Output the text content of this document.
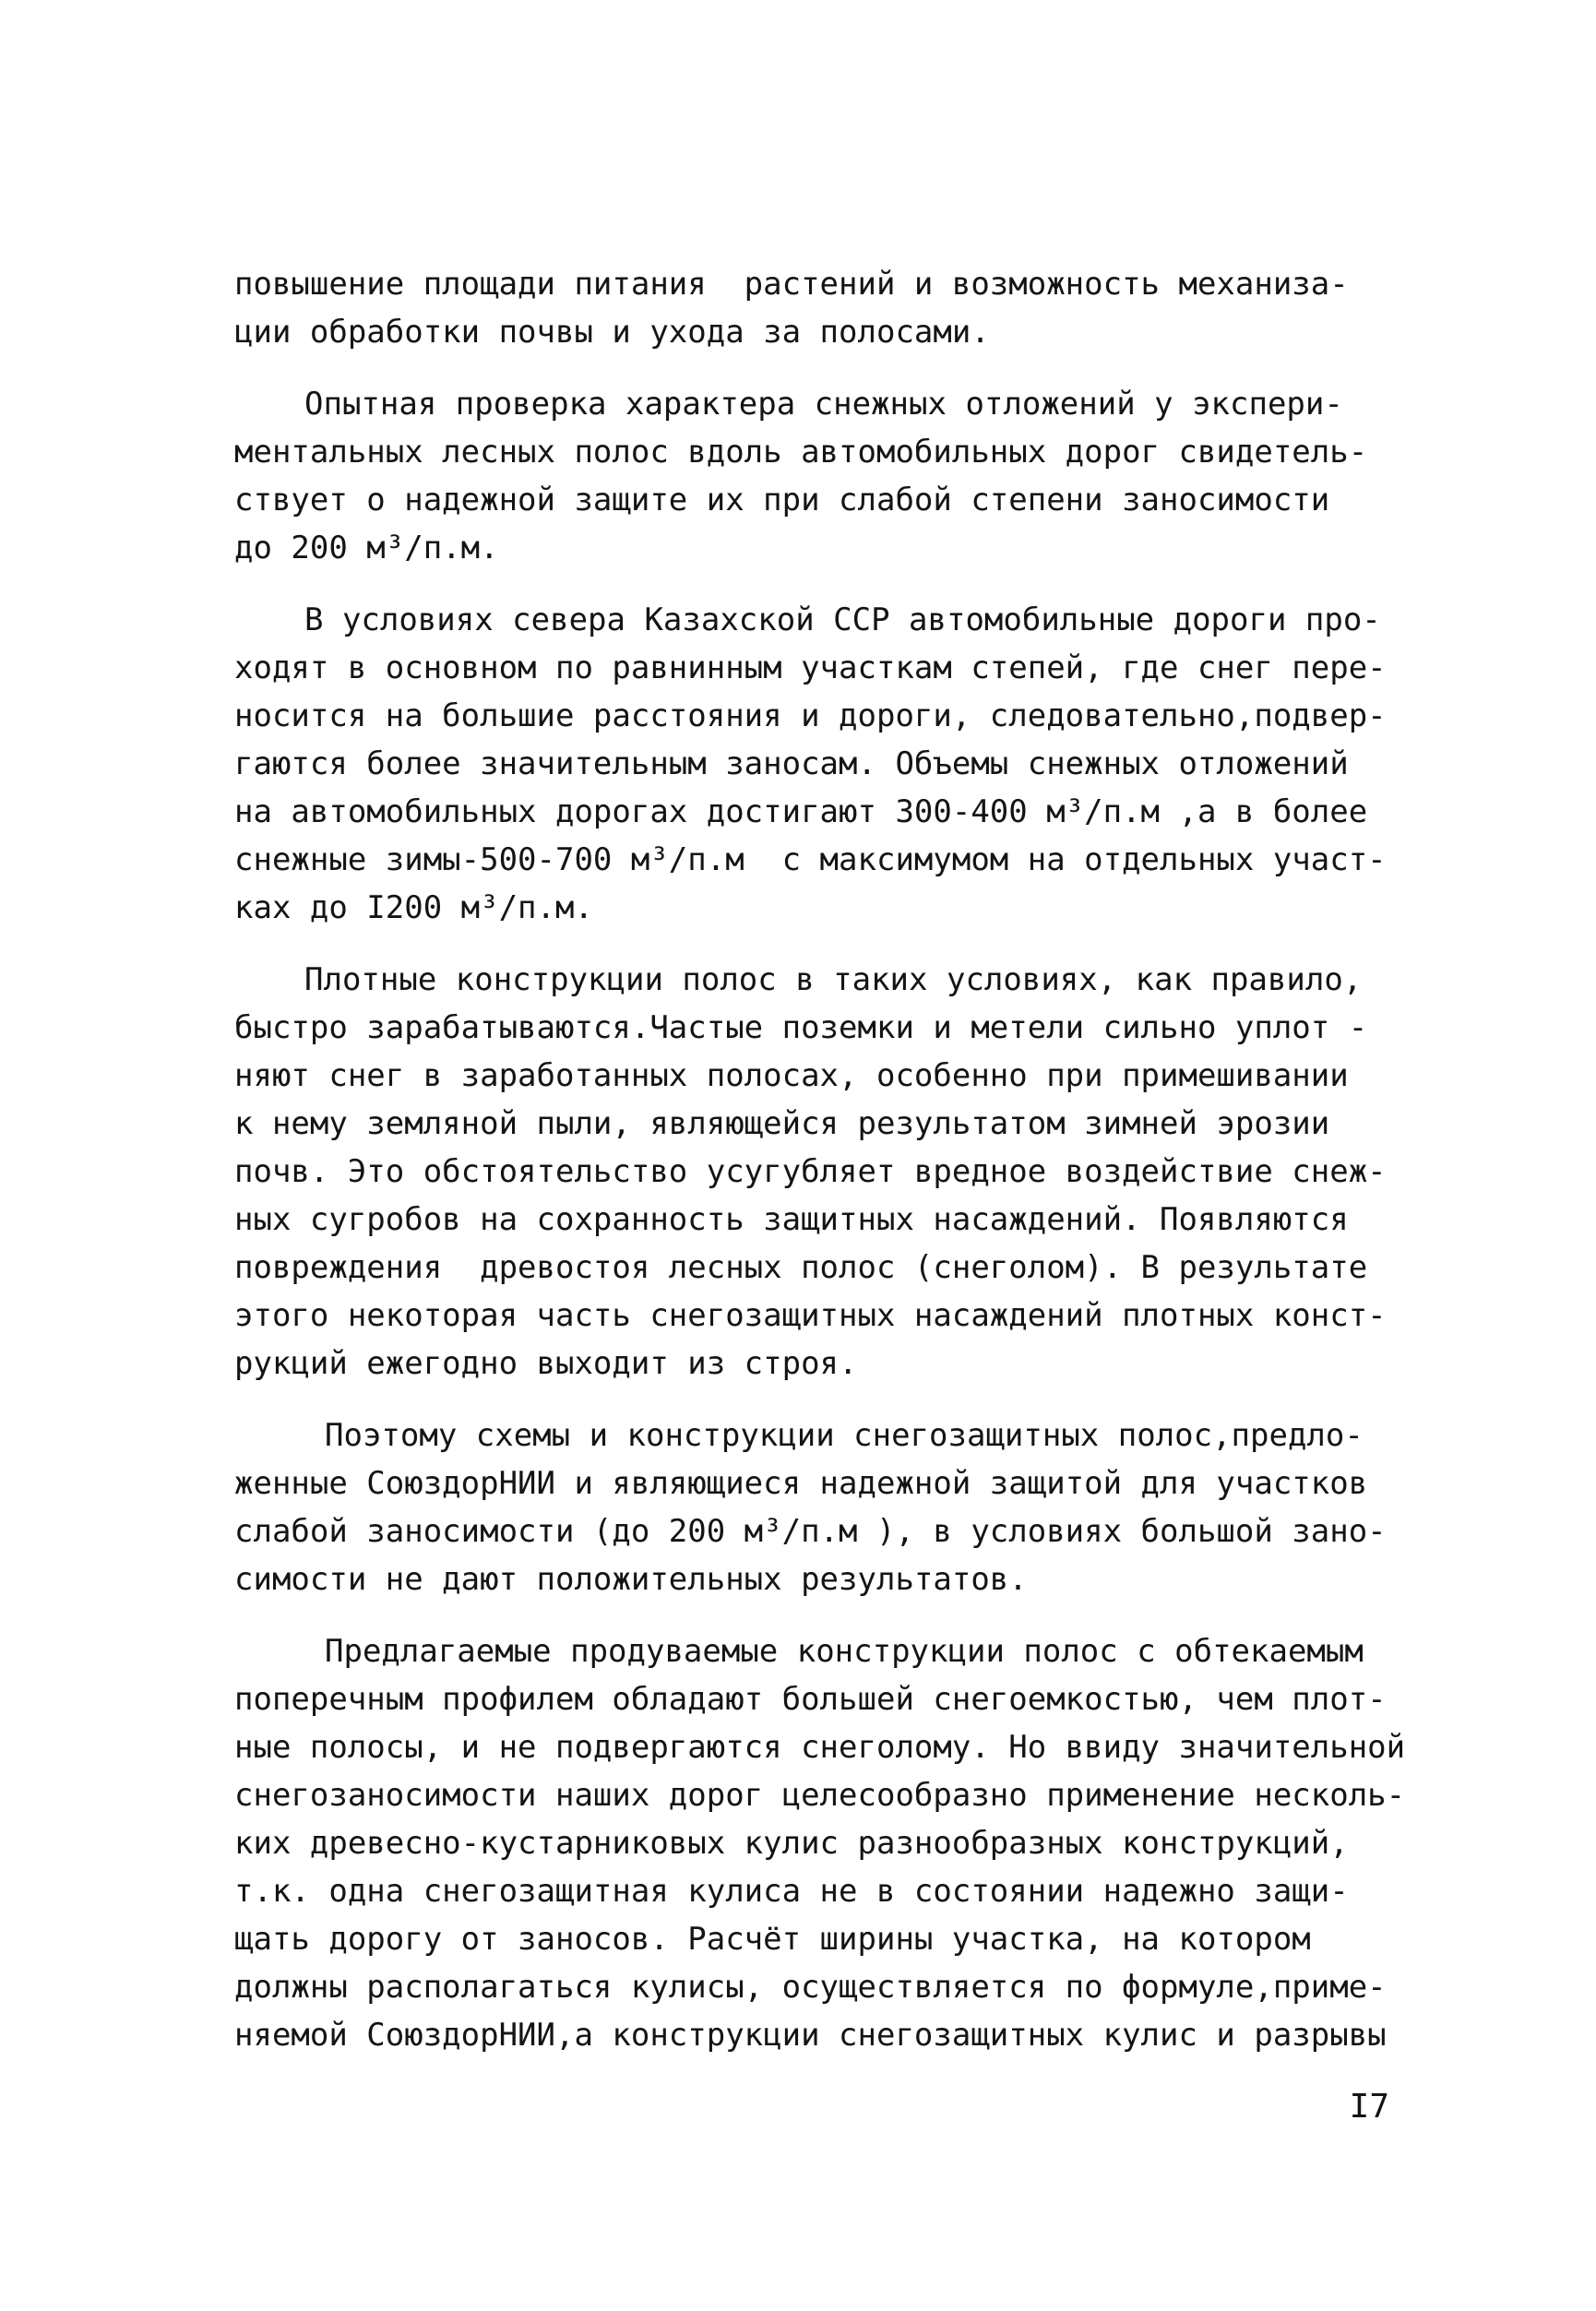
повышение площади питания  растений и возможность механиза-
ции обработки почвы и ухода за полосами.

Опытная проверка характера снежных отложений у экспери-
ментальных лесных полос вдоль автомобильных дорог свидетель-
ствует о надежной защите их при слабой степени заносимости
до 200 м³/п.м.

В условиях севера Казахской ССР автомобильные дороги про-
ходят в основном по равнинным участкам степей, где снег пере-
носится на большие расстояния и дороги, следовательно,подвер-
гаются более значительным заносам. Объемы снежных отложений
на автомобильных дорогах достигают 300-400 м³/п.м ,а в более
снежные зимы-500-700 м³/п.м  с максимумом на отдельных участ-
ках до I200 м³/п.м.

Плотные конструкции полос в таких условиях, как правило,
быстро зарабатываются.Частые поземки и метели сильно уплот -
няют снег в заработанных полосах, особенно при примешивании
к нему земляной пыли, являющейся результатом зимней эрозии
почв. Это обстоятельство усугубляет вредное воздействие снеж-
ных сугробов на сохранность защитных насаждений. Появляются
повреждения  древостоя лесных полос (снеголом). В результате
этого некоторая часть снегозащитных насаждений плотных конст-
рукций ежегодно выходит из строя.

Поэтому схемы и конструкции снегозащитных полос,предло-
женные СоюздорНИИ и являющиеся надежной защитой для участков
слабой заносимости (до 200 м³/п.м ), в условиях большой зано-
симости не дают положительных результатов.

Предлагаемые продуваемые конструкции полос с обтекаемым
поперечным профилем обладают большей снегоемкостью, чем плот-
ные полосы, и не подвергаются снеголому. Но ввиду значительной
снегозаносимости наших дорог целесообразно применение несколь-
ких древесно-кустарниковых кулис разнообразных конструкций,
т.к. одна снегозащитная кулиса не в состоянии надежно защи-
щать дорогу от заносов. Расчёт ширины участка, на котором
должны располагаться кулисы, осуществляется по формуле,приме-
няемой СоюздорНИИ,а конструкции снегозащитных кулис и разрывы

I7
